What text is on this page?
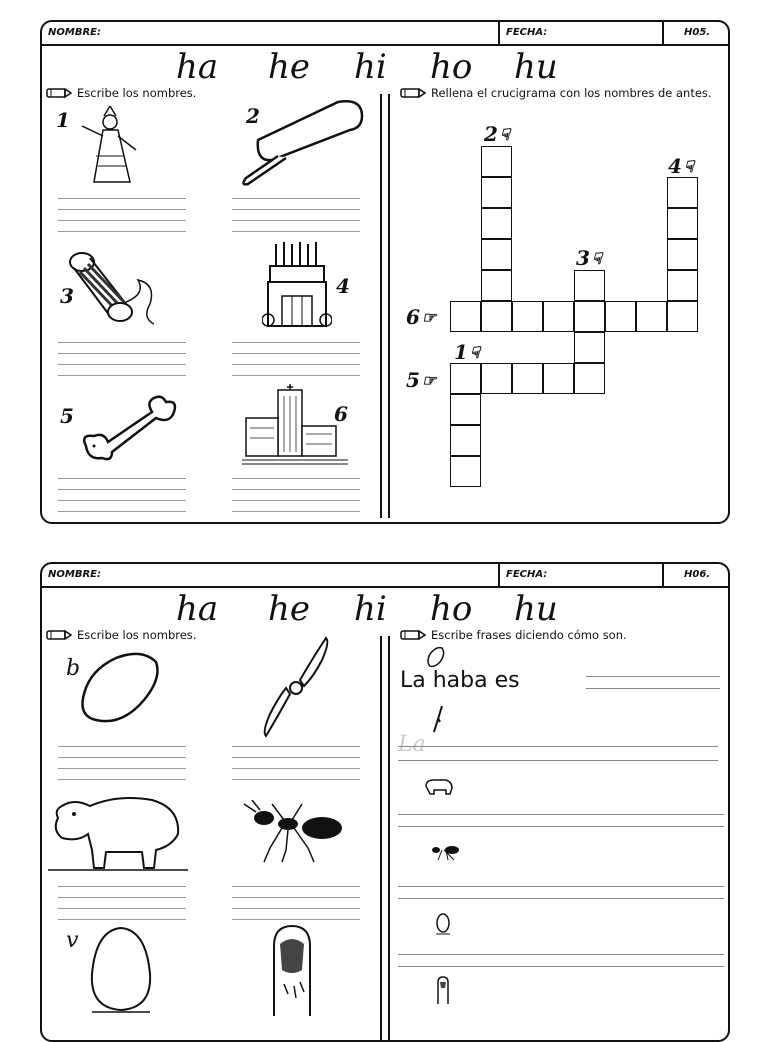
NOMBRE:	FECHA:	H05.
ha he hi ho hu
Escribe los nombres.	Rellena el crucigrama con los nombres de antes.
1	2
3	4
5	6
2 ☟
4 ☟
3 ☟
6 ☞
1 ☟
5 ☞
NOMBRE:	FECHA:	H06.
ha he hi ho hu
Escribe los nombres.	Escribe frases diciendo cómo son.
b
v
La haba es
La
